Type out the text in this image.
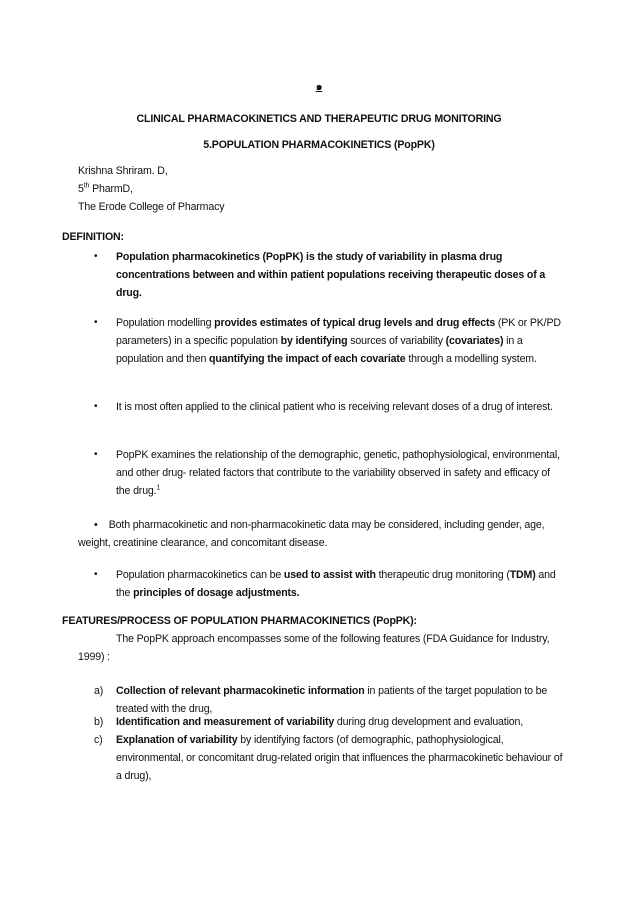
๑
CLINICAL PHARMACOKINETICS AND THERAPEUTIC DRUG MONITORING
5.POPULATION PHARMACOKINETICS (PopPK)
Krishna Shriram. D,
5th PharmD,
The Erode College of Pharmacy
DEFINITION:
• Population pharmacokinetics (PopPK) is the study of variability in plasma drug concentrations between and within patient populations receiving therapeutic doses of a drug.
• Population modelling provides estimates of typical drug levels and drug effects (PK or PK/PD parameters) in a specific population by identifying sources of variability (covariates) in a population and then quantifying the impact of each covariate through a modelling system.
• It is most often applied to the clinical patient who is receiving relevant doses of a drug of interest.
• PopPK examines the relationship of the demographic, genetic, pathophysiological, environmental, and other drug- related factors that contribute to the variability observed in safety and efficacy of the drug.$^1$
• Both pharmacokinetic and non-pharmacokinetic data may be considered, including gender, age, weight, creatinine clearance, and concomitant disease.
• Population pharmacokinetics can be used to assist with therapeutic drug monitoring (TDM) and the principles of dosage adjustments.
FEATURES/PROCESS OF POPULATION PHARMACOKINETICS (PopPK):
The PopPK approach encompasses some of the following features (FDA Guidance for Industry, 1999) :
a) Collection of relevant pharmacokinetic information in patients of the target population to be treated with the drug,
b) Identification and measurement of variability during drug development and evaluation,
c) Explanation of variability by identifying factors (of demographic, pathophysiological, environmental, or concomitant drug-related origin that influences the pharmacokinetic behaviour of a drug),
